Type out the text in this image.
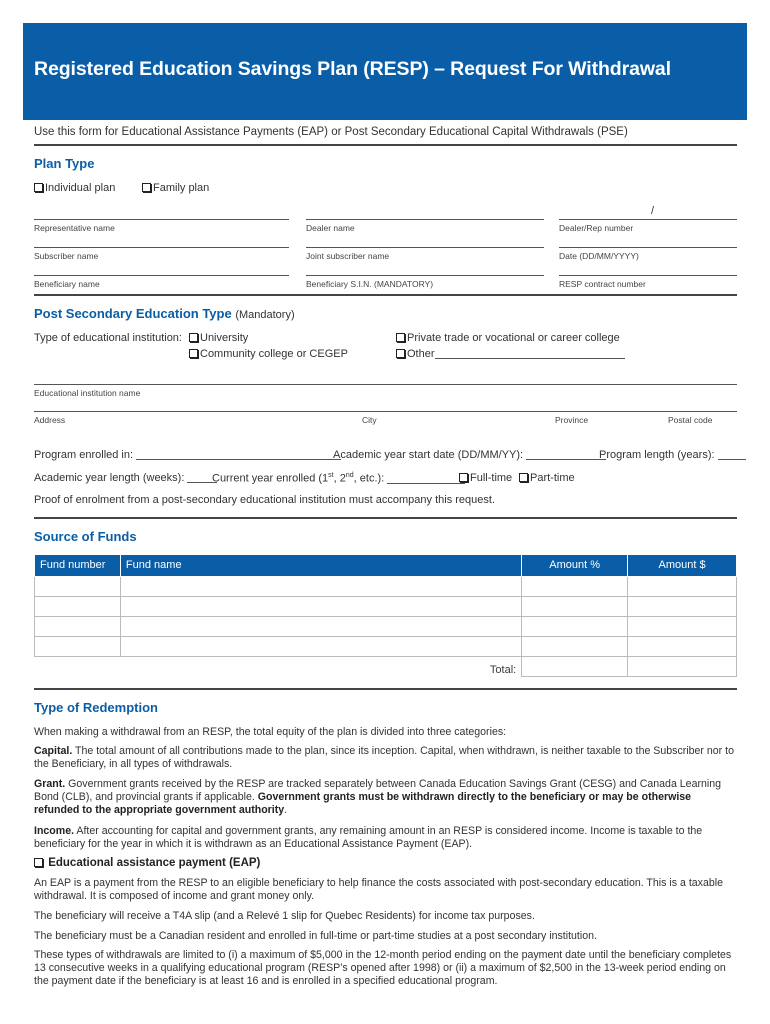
Registered Education Savings Plan (RESP) – Request For Withdrawal
Use this form for Educational Assistance Payments (EAP) or Post Secondary Educational Capital Withdrawals (PSE)
Plan Type
Individual plan	Family plan
/
Representative name	Dealer name	Dealer/Rep number
Subscriber name	Joint subscriber name	Date (DD/MM/YYYY)
Beneficiary name	Beneficiary S.I.N. (MANDATORY)	RESP contract number
Post Secondary Education Type (Mandatory)
Type of educational institution:	University
Community college or CEGEP
Private trade or vocational or career college
Other
Educational institution name
Address	City	Province	Postal code
Program enrolled in:	Academic year start date (DD/MM/YY):	Program length (years):
Academic year length (weeks):	Current year enrolled (1st, 2nd, etc.):	Full-time	Part-time
Proof of enrolment from a post-secondary educational institution must accompany this request.
Source of Funds
Fund number	Fund name	Amount %	Amount $

Total:			
Type of Redemption
When making a withdrawal from an RESP, the total equity of the plan is divided into three categories:
Capital. The total amount of all contributions made to the plan, since its inception. Capital, when withdrawn, is neither taxable to the Subscriber nor to the Beneficiary, in all types of withdrawals.
Grant. Government grants received by the RESP are tracked separately between Canada Education Savings Grant (CESG) and Canada Learning Bond (CLB), and provincial grants if applicable. Government grants must be withdrawn directly to the beneficiary or may be otherwise refunded to the appropriate government authority.
Income. After accounting for capital and government grants, any remaining amount in an RESP is considered income. Income is taxable to the beneficiary for the year in which it is withdrawn as an Educational Assistance Payment (EAP).
Educational assistance payment (EAP)
An EAP is a payment from the RESP to an eligible beneficiary to help finance the costs associated with post-secondary education. This is a taxable withdrawal. It is composed of income and grant money only.
The beneficiary will receive a T4A slip (and a Relevé 1 slip for Quebec Residents) for income tax purposes.
The beneficiary must be a Canadian resident and enrolled in full-time or part-time studies at a post secondary institution.
These types of withdrawals are limited to (i) a maximum of $5,000 in the 12-month period ending on the payment date until the beneficiary completes 13 consecutive weeks in a qualifying educational program (RESP’s opened after 1998) or (ii) a maximum of $2,500 in the 13-week period ending on the payment date if the beneficiary is at least 16 and is enrolled in a specified educational program.
